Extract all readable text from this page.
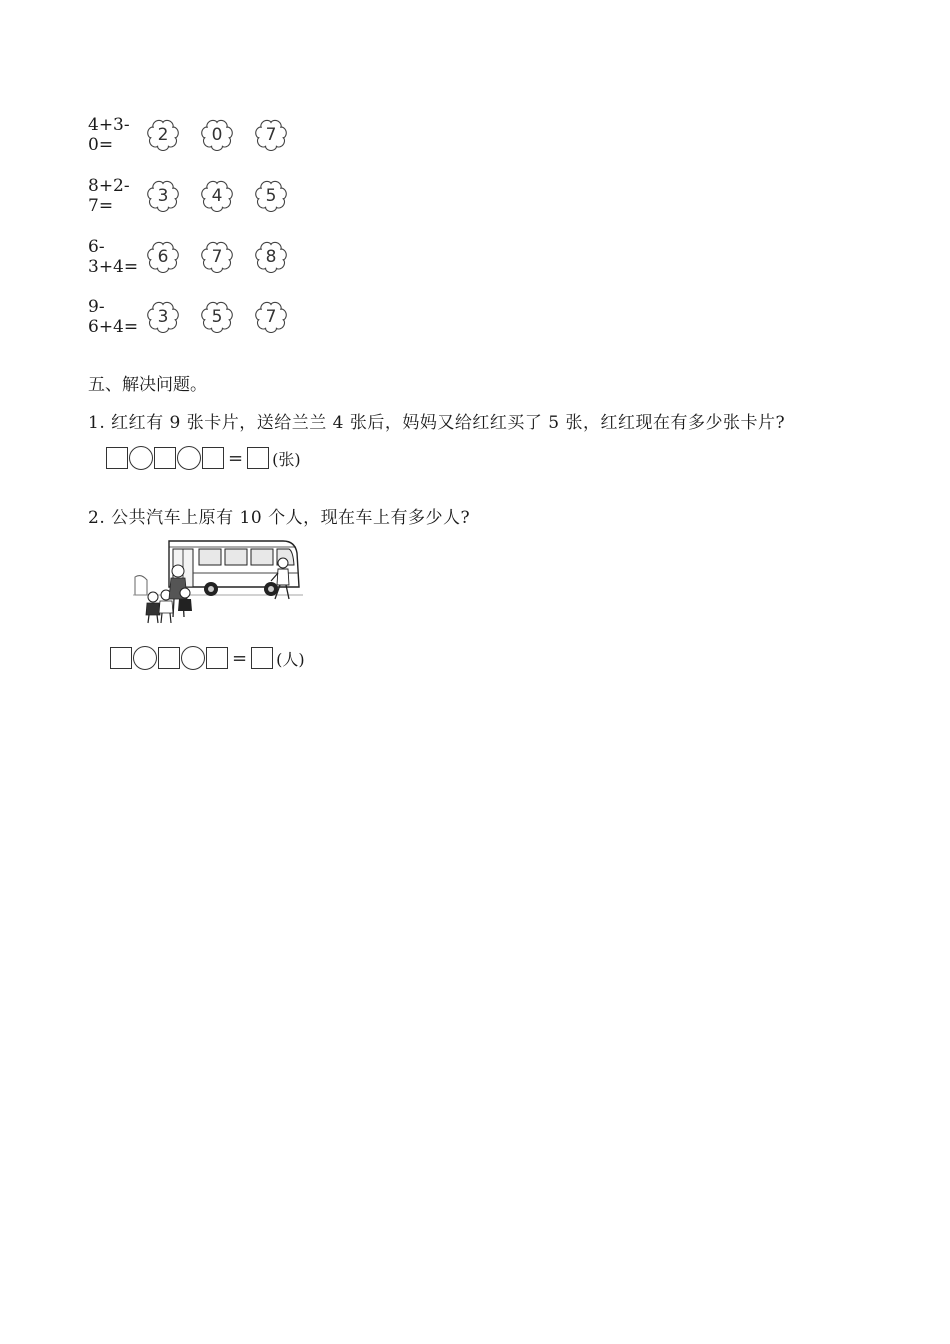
4+3-0=	2	0	7
8+2-7=	3	4	5
6-3+4=	6	7	8
9-6+4=	3	5	7
五、解决问题。
1. 红红有 9 张卡片，送给兰兰 4 张后，妈妈又给红红买了 5 张，红红现在有多少张卡片?
= (张)
2. 公共汽车上原有 10 个人，现在车上有多少人?
= (人)
